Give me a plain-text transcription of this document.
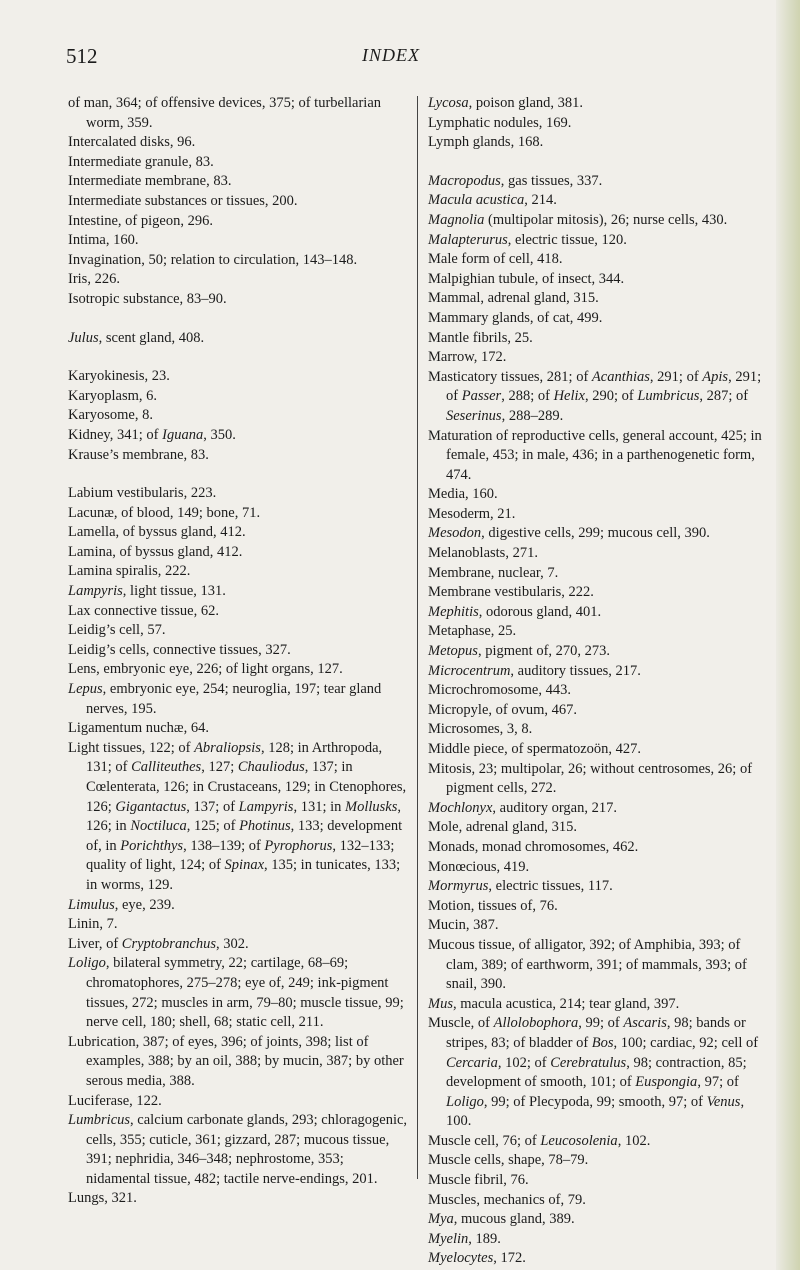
512	INDEX

of man, 364; of offensive devices, 375; of turbellarian worm, 359.

Intercalated disks, 96.

Intermediate granule, 83.

Intermediate membrane, 83.

Intermediate substances or tissues, 200.

Intestine, of pigeon, 296.

Intima, 160.

Invagination, 50; relation to circulation, 143–148.

Iris, 226.

Isotropic substance, 83–90.

Julus, scent gland, 408.

Karyokinesis, 23.

Karyoplasm, 6.

Karyosome, 8.

Kidney, 341; of Iguana, 350.

Krause’s membrane, 83.

Labium vestibularis, 223.

Lacunæ, of blood, 149; bone, 71.

Lamella, of byssus gland, 412.

Lamina, of byssus gland, 412.

Lamina spiralis, 222.

Lampyris, light tissue, 131.

Lax connective tissue, 62.

Leidig’s cell, 57.

Leidig’s cells, connective tissues, 327.

Lens, embryonic eye, 226; of light organs, 127.

Lepus, embryonic eye, 254; neuroglia, 197; tear gland nerves, 195.

Ligamentum nuchæ, 64.

Light tissues, 122; of Abraliopsis, 128; in Arthropoda, 131; of Calliteuthes, 127; Chauliodus, 137; in Cœlenterata, 126; in Crustaceans, 129; in Ctenophores, 126; Gigantactus, 137; of Lampyris, 131; in Mollusks, 126; in Noctiluca, 125; of Photinus, 133; development of, in Porichthys, 138–139; of Pyrophorus, 132–133; quality of light, 124; of Spinax, 135; in tunicates, 133; in worms, 129.

Limulus, eye, 239.

Linin, 7.

Liver, of Cryptobranchus, 302.

Loligo, bilateral symmetry, 22; cartilage, 68–69; chromatophores, 275–278; eye of, 249; ink-pigment tissues, 272; muscles in arm, 79–80; muscle tissue, 99; nerve cell, 180; shell, 68; static cell, 211.

Lubrication, 387; of eyes, 396; of joints, 398; list of examples, 388; by an oil, 388; by mucin, 387; by other serous media, 388.

Luciferase, 122.

Lumbricus, calcium carbonate glands, 293; chloragogenic, cells, 355; cuticle, 361; gizzard, 287; mucous tissue, 391; nephridia, 346–348; nephrostome, 353; nidamental tissue, 482; tactile nerve-endings, 201.

Lungs, 321.

Lycosa, poison gland, 381.

Lymphatic nodules, 169.

Lymph glands, 168.

Macropodus, gas tissues, 337.

Macula acustica, 214.

Magnolia (multipolar mitosis), 26; nurse cells, 430.

Malapterurus, electric tissue, 120.

Male form of cell, 418.

Malpighian tubule, of insect, 344.

Mammal, adrenal gland, 315.

Mammary glands, of cat, 499.

Mantle fibrils, 25.

Marrow, 172.

Masticatory tissues, 281; of Acanthias, 291; of Apis, 291; of Passer, 288; of Helix, 290; of Lumbricus, 287; of Seserinus, 288–289.

Maturation of reproductive cells, general account, 425; in female, 453; in male, 436; in a parthenogenetic form, 474.

Media, 160.

Mesoderm, 21.

Mesodon, digestive cells, 299; mucous cell, 390.

Melanoblasts, 271.

Membrane, nuclear, 7.

Membrane vestibularis, 222.

Mephitis, odorous gland, 401.

Metaphase, 25.

Metopus, pigment of, 270, 273.

Microcentrum, auditory tissues, 217.

Microchromosome, 443.

Micropyle, of ovum, 467.

Microsomes, 3, 8.

Middle piece, of spermatozoön, 427.

Mitosis, 23; multipolar, 26; without centrosomes, 26; of pigment cells, 272.

Mochlonyx, auditory organ, 217.

Mole, adrenal gland, 315.

Monads, monad chromosomes, 462.

Monœcious, 419.

Mormyrus, electric tissues, 117.

Motion, tissues of, 76.

Mucin, 387.

Mucous tissue, of alligator, 392; of Amphibia, 393; of clam, 389; of earthworm, 391; of mammals, 393; of snail, 390.

Mus, macula acustica, 214; tear gland, 397.

Muscle, of Allolobophora, 99; of Ascaris, 98; bands or stripes, 83; of bladder of Bos, 100; cardiac, 92; cell of Cercaria, 102; of Cerebratulus, 98; contraction, 85; development of smooth, 101; of Euspongia, 97; of Loligo, 99; of Plecypoda, 99; smooth, 97; of Venus, 100.

Muscle cell, 76; of Leucosolenia, 102.

Muscle cells, shape, 78–79.

Muscle fibril, 76.

Muscles, mechanics of, 79.

Mya, mucous gland, 389.

Myelin, 189.

Myelocytes, 172.
